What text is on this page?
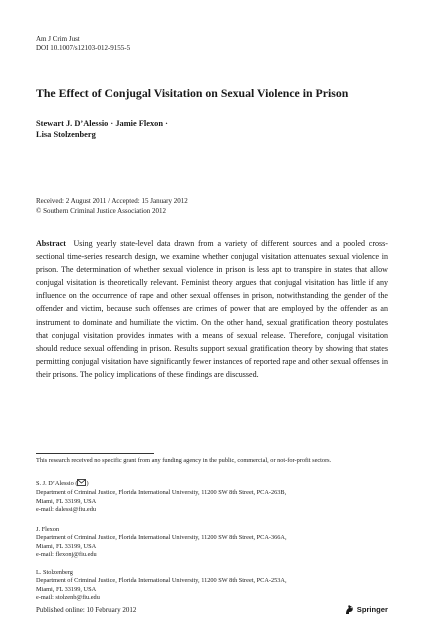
Am J Crim Just
DOI 10.1007/s12103-012-9155-5
The Effect of Conjugal Visitation on Sexual Violence in Prison
Stewart J. D’Alessio · Jamie Flexon ·
Lisa Stolzenberg
Received: 2 August 2011 / Accepted: 15 January 2012
© Southern Criminal Justice Association 2012
Abstract Using yearly state-level data drawn from a variety of different sources and a pooled cross-sectional time-series research design, we examine whether conjugal visitation attenuates sexual violence in prison. The determination of whether sexual violence in prison is less apt to transpire in states that allow conjugal visitation is theoretically relevant. Feminist theory argues that conjugal visitation has little if any influence on the occurrence of rape and other sexual offenses in prison, notwithstanding the gender of the offender and victim, because such offenses are crimes of power that are employed by the offender as an instrument to dominate and humiliate the victim. On the other hand, sexual gratification theory postulates that conjugal visitation provides inmates with a means of sexual release. Therefore, conjugal visitation should reduce sexual offending in prison. Results support sexual gratification theory by showing that states permitting conjugal visitation have significantly fewer instances of reported rape and other sexual offenses in their prisons. The policy implications of these findings are discussed.
This research received no specific grant from any funding agency in the public, commercial, or not-for-profit sectors.
S. J. D’Alessio ( )
Department of Criminal Justice, Florida International University, 11200 SW 8th Street, PCA-263B,
Miami, FL 33199, USA
e-mail: dalessi@fiu.edu
J. Flexon
Department of Criminal Justice, Florida International University, 11200 SW 8th Street, PCA-366A,
Miami, FL 33199, USA
e-mail: flexonj@fiu.edu
L. Stolzenberg
Department of Criminal Justice, Florida International University, 11200 SW 8th Street, PCA-253A,
Miami, FL 33199, USA
e-mail: stolzenb@fiu.edu
Published online: 10 February 2012	Springer
